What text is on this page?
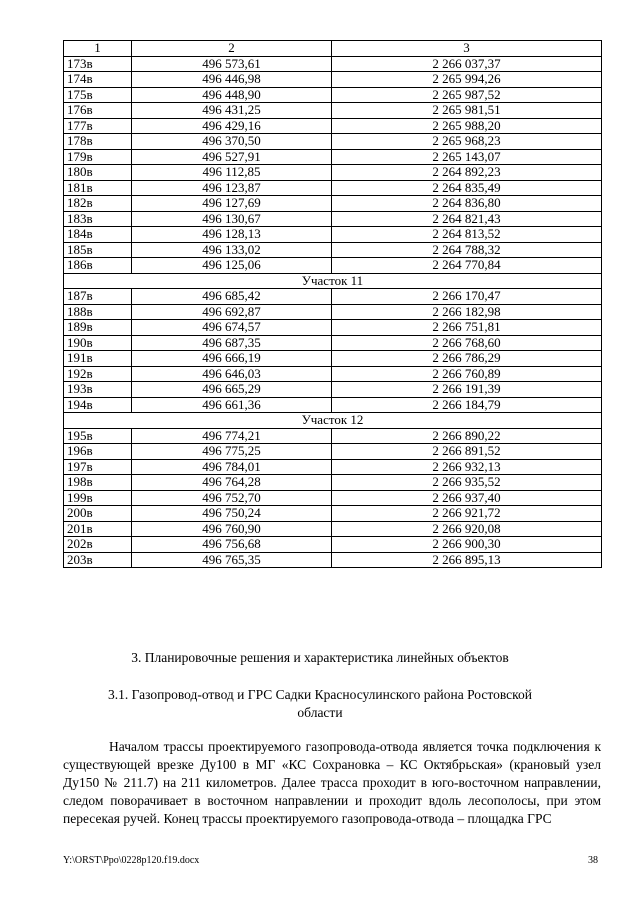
1	2	3
173в	496 573,61	2 266 037,37
174в	496 446,98	2 265 994,26
175в	496 448,90	2 265 987,52
176в	496 431,25	2 265 981,51
177в	496 429,16	2 265 988,20
178в	496 370,50	2 265 968,23
179в	496 527,91	2 265 143,07
180в	496 112,85	2 264 892,23
181в	496 123,87	2 264 835,49
182в	496 127,69	2 264 836,80
183в	496 130,67	2 264 821,43
184в	496 128,13	2 264 813,52
185в	496 133,02	2 264 788,32
186в	496 125,06	2 264 770,84
Участок 11		
187в	496 685,42	2 266 170,47
188в	496 692,87	2 266 182,98
189в	496 674,57	2 266 751,81
190в	496 687,35	2 266 768,60
191в	496 666,19	2 266 786,29
192в	496 646,03	2 266 760,89
193в	496 665,29	2 266 191,39
194в	496 661,36	2 266 184,79
Участок 12		
195в	496 774,21	2 266 890,22
196в	496 775,25	2 266 891,52
197в	496 784,01	2 266 932,13
198в	496 764,28	2 266 935,52
199в	496 752,70	2 266 937,40
200в	496 750,24	2 266 921,72
201в	496 760,90	2 266 920,08
202в	496 756,68	2 266 900,30
203в	496 765,35	2 266 895,13
3. Планировочные решения и характеристика линейных объектов
3.1. Газопровод-отвод и ГРС Садки Красносулинского района Ростовской области

Началом трассы проектируемого газопровода-отвода является точка подключения к существующей врезке Ду100 в МГ «КС Сохрановка – КС Октябрьская» (крановый узел Ду150 № 211.7) на 211 километров. Далее трасса проходит в юго-восточном направлении, следом поворачивает в восточном направлении и проходит вдоль лесополосы, при этом пересекая ручей. Конец трассы проектируемого газопровода-отвода – площадка ГРС

Y:\ORST\Ppo\0228p120.f19.docx	38
